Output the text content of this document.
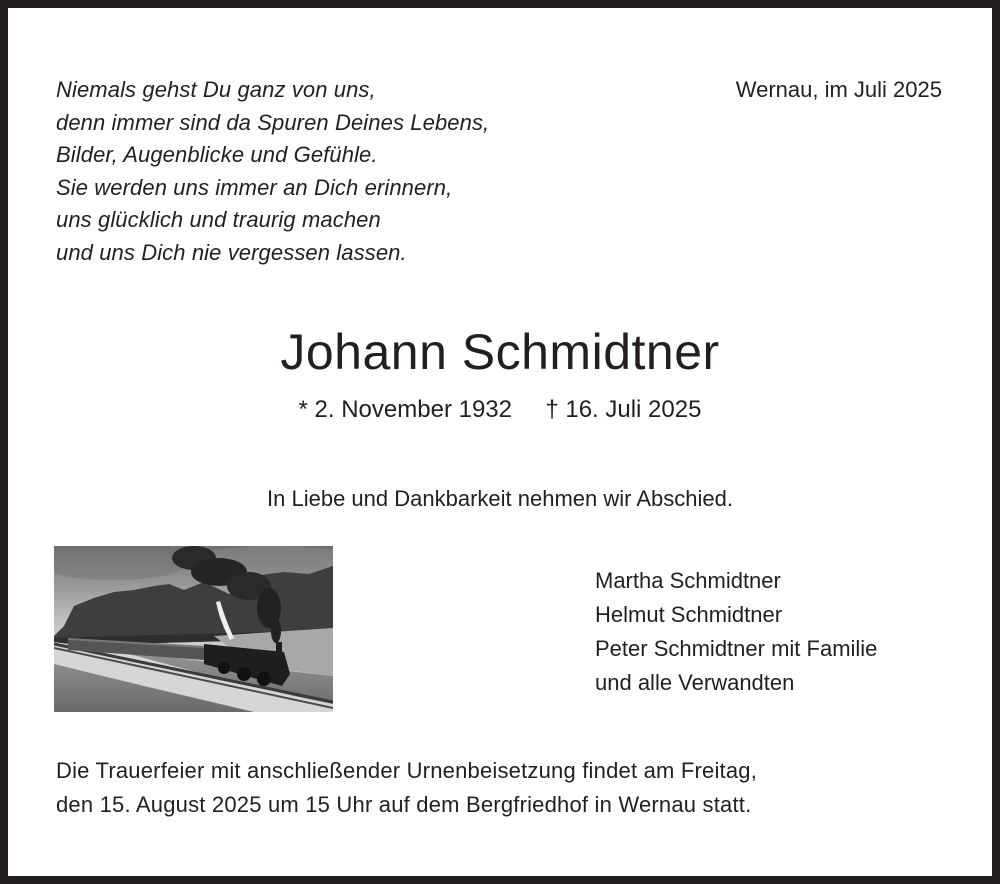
Niemals gehst Du ganz von uns,
denn immer sind da Spuren Deines Lebens,
Bilder, Augenblicke und Gefühle.
Sie werden uns immer an Dich erinnern,
uns glücklich und traurig machen
und uns Dich nie vergessen lassen.
Wernau, im Juli 2025
Johann Schmidtner
* 2. November 1932     † 16. Juli 2025
In Liebe und Dankbarkeit nehmen wir Abschied.
Martha Schmidtner
Helmut Schmidtner
Peter Schmidtner mit Familie
und alle Verwandten
Die Trauerfeier mit anschließender Urnenbeisetzung findet am Freitag,
den 15. August 2025 um 15 Uhr auf dem Bergfriedhof in Wernau statt.
